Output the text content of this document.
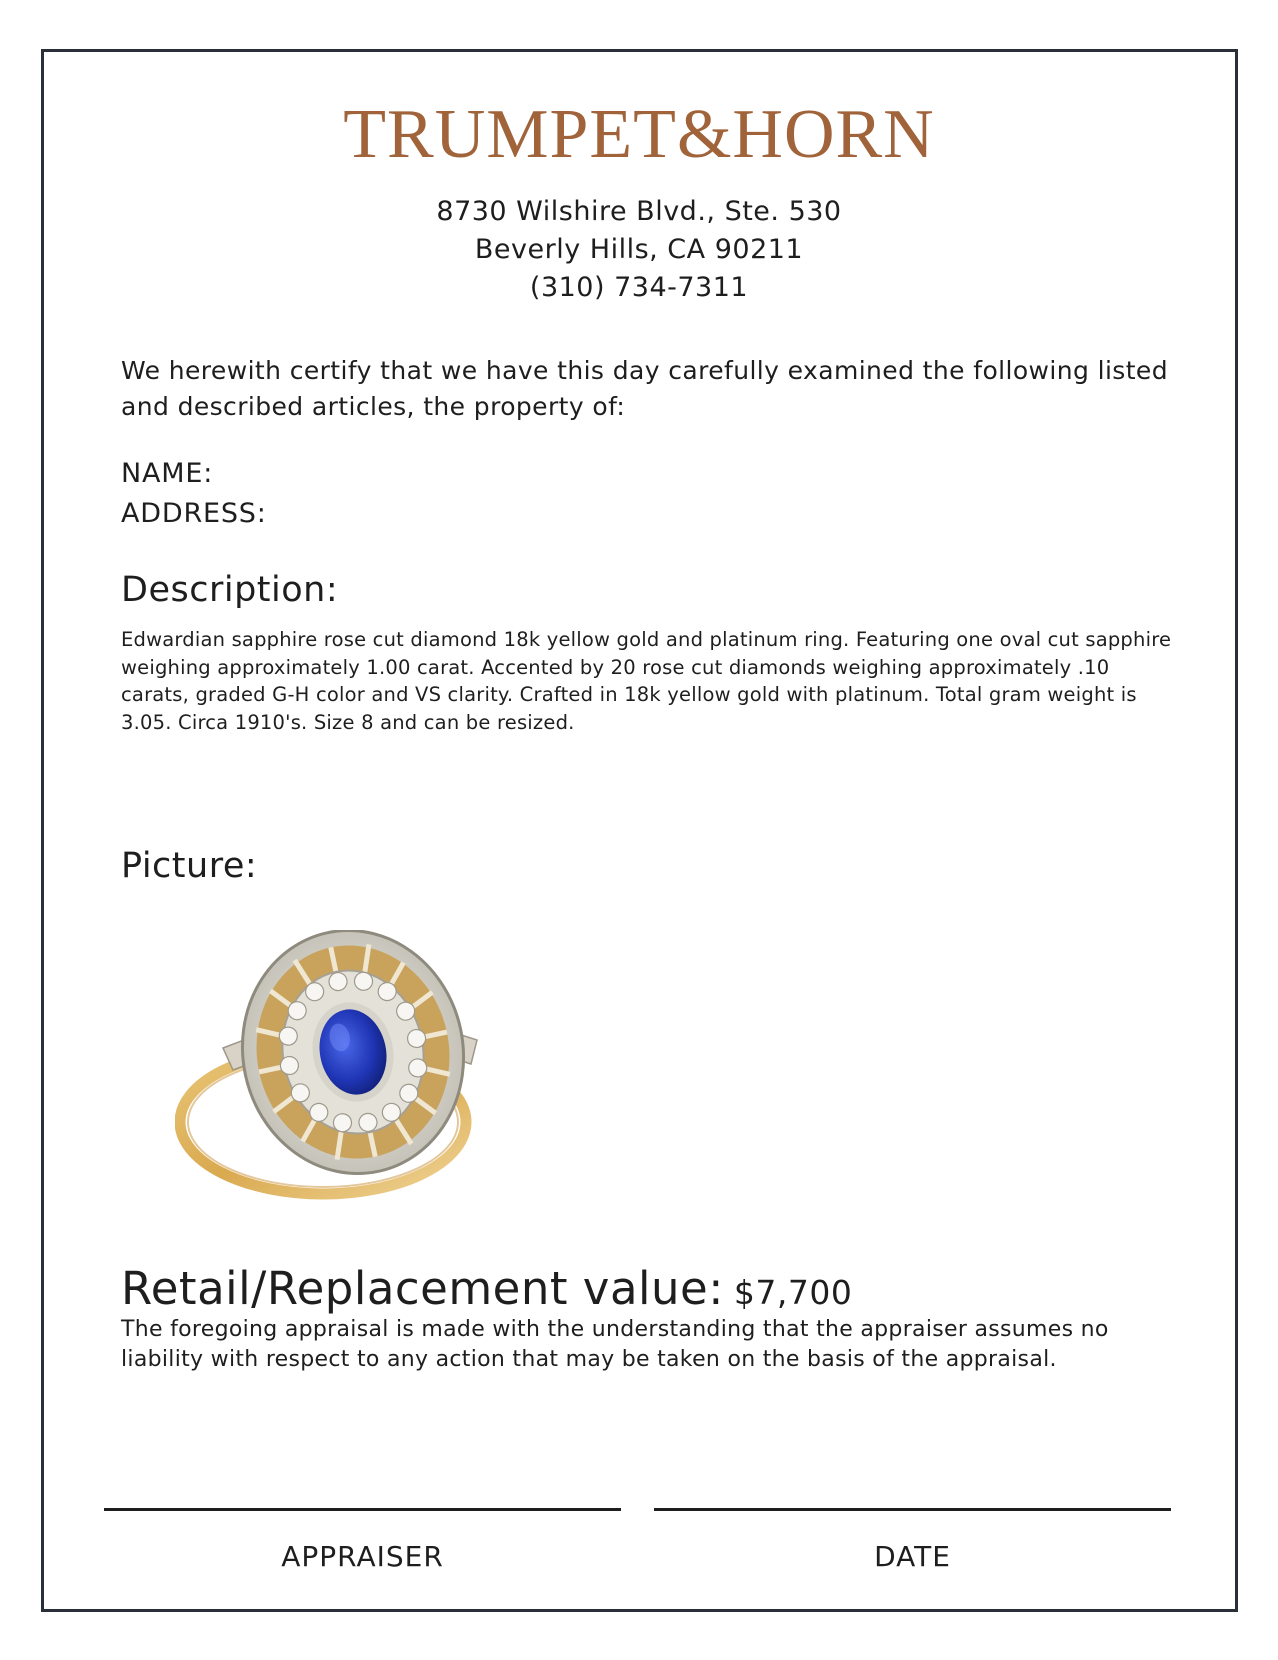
TRUMPET&HORN
8730 Wilshire Blvd., Ste. 530
Beverly Hills, CA 90211
(310) 734-7311
We herewith certify that we have this day carefully examined the following listed and described articles, the property of:
NAME:
ADDRESS:
Description:
Edwardian sapphire rose cut diamond 18k yellow gold and platinum ring. Featuring one oval cut sapphire weighing approximately 1.00 carat. Accented by 20 rose cut diamonds weighing approximately .10 carats, graded G-H color and VS clarity. Crafted in 18k yellow gold with platinum. Total gram weight is 3.05. Circa 1910's. Size 8 and can be resized.
Picture:
Retail/Replacement value: $7,700
The foregoing appraisal is made with the understanding that the appraiser assumes no liability with respect to any action that may be taken on the basis of the appraisal.
APPRAISER	DATE
